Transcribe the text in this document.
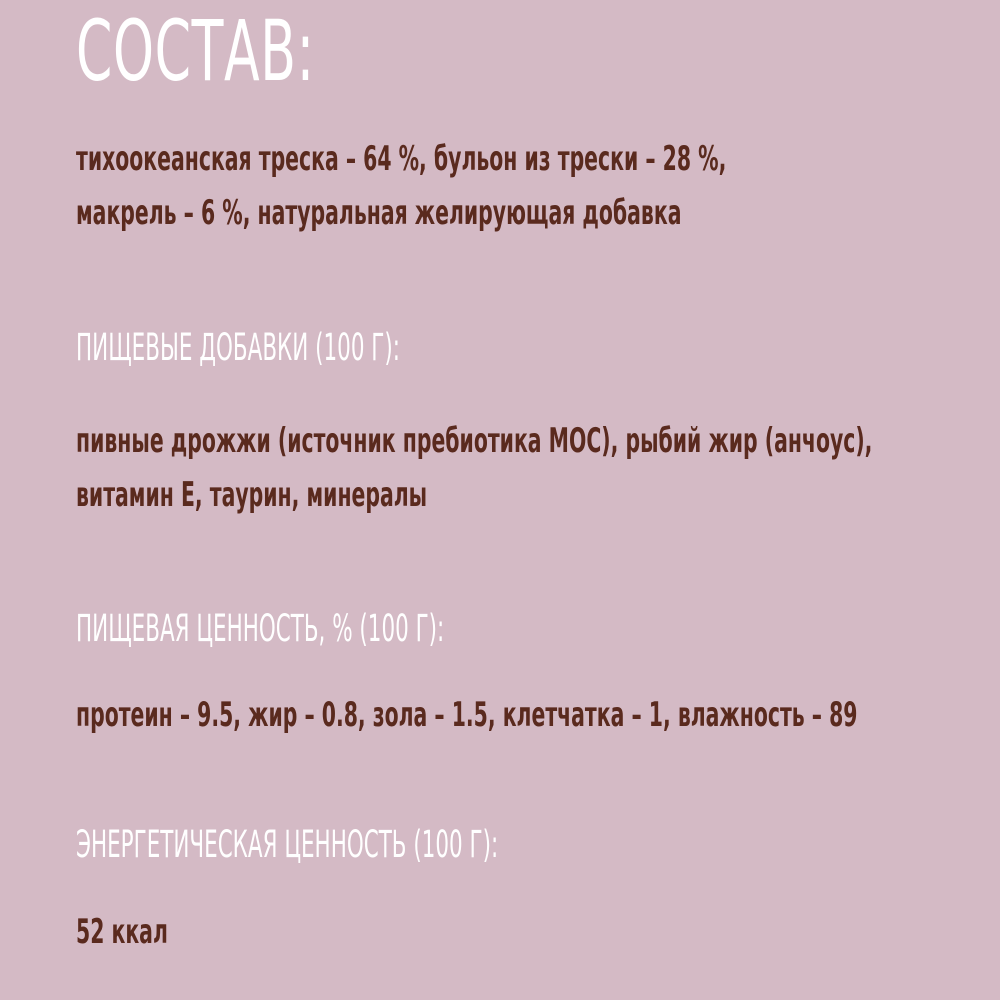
СОСТАВ:

тихоокеанская треска – 64 %, бульон из трески – 28 %,
макрель – 6 %, натуральная желирующая добавка

ПИЩЕВЫЕ ДОБАВКИ (100 Г):

пивные дрожжи (источник пребиотика МОС), рыбий жир (анчоус),
витамин Е, таурин, минералы

ПИЩЕВАЯ ЦЕННОСТЬ, % (100 Г):

протеин – 9.5, жир – 0.8, зола – 1.5, клетчатка – 1, влажность – 89

ЭНЕРГЕТИЧЕСКАЯ ЦЕННОСТЬ (100 Г):

52 ккал
